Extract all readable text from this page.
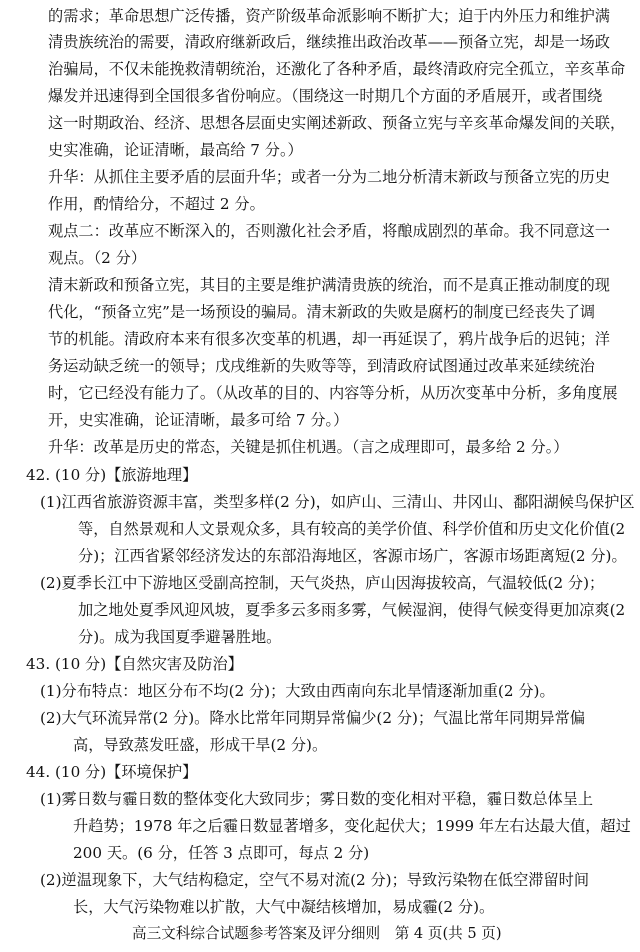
的需求；革命思想广泛传播，资产阶级革命派影响不断扩大；迫于内外压力和维护满
清贵族统治的需要，清政府继新政后，继续推出政治改革——预备立宪，却是一场政
治骗局，不仅未能挽救清朝统治，还激化了各种矛盾，最终清政府完全孤立，辛亥革命
爆发并迅速得到全国很多省份响应。（围绕这一时期几个方面的矛盾展开，或者围绕
这一时期政治、经济、思想各层面史实阐述新政、预备立宪与辛亥革命爆发间的关联，
史实准确，论证清晰，最高给 7 分。）
升华：从抓住主要矛盾的层面升华；或者一分为二地分析清末新政与预备立宪的历史
作用，酌情给分，不超过 2 分。
观点二：改革应不断深入的，否则激化社会矛盾，将酿成剧烈的革命。我不同意这一
观点。（2 分）
清末新政和预备立宪，其目的主要是维护满清贵族的统治，而不是真正推动制度的现
代化，“预备立宪”是一场预设的骗局。清末新政的失败是腐朽的制度已经丧失了调
节的机能。清政府本来有很多次变革的机遇，却一再延误了，鸦片战争后的迟钝；洋
务运动缺乏统一的领导；戊戌维新的失败等等，到清政府试图通过改革来延续统治
时，它已经没有能力了。（从改革的目的、内容等分析，从历次变革中分析，多角度展
开，史实准确，论证清晰，最多可给 7 分。）
升华：改革是历史的常态，关键是抓住机遇。（言之成理即可，最多给 2 分。）
42. (10 分)【旅游地理】
(1)江西省旅游资源丰富，类型多样(2 分)，如庐山、三清山、井冈山、鄱阳湖候鸟保护区
等，自然景观和人文景观众多，具有较高的美学价值、科学价值和历史文化价值(2
分)；江西省紧邻经济发达的东部沿海地区，客源市场广，客源市场距离短(2 分)。
(2)夏季长江中下游地区受副高控制，天气炎热，庐山因海拔较高，气温较低(2 分)；
加之地处夏季风迎风坡，夏季多云多雨多雾，气候湿润，使得气候变得更加凉爽(2
分)。成为我国夏季避暑胜地。
43. (10 分)【自然灾害及防治】
(1)分布特点：地区分布不均(2 分)；大致由西南向东北旱情逐渐加重(2 分)。
(2)大气环流异常(2 分)。降水比常年同期异常偏少(2 分)；气温比常年同期异常偏
高，导致蒸发旺盛，形成干旱(2 分)。
44. (10 分)【环境保护】
(1)雾日数与霾日数的整体变化大致同步；雾日数的变化相对平稳，霾日数总体呈上
升趋势；1978 年之后霾日数显著增多，变化起伏大；1999 年左右达最大值，超过
200 天。(6 分，任答 3 点即可，每点 2 分)
(2)逆温现象下，大气结构稳定，空气不易对流(2 分)；导致污染物在低空滞留时间
长，大气污染物难以扩散，大气中凝结核增加，易成霾(2 分)。
高三文科综合试题参考答案及评分细则　第 4 页(共 5 页)
